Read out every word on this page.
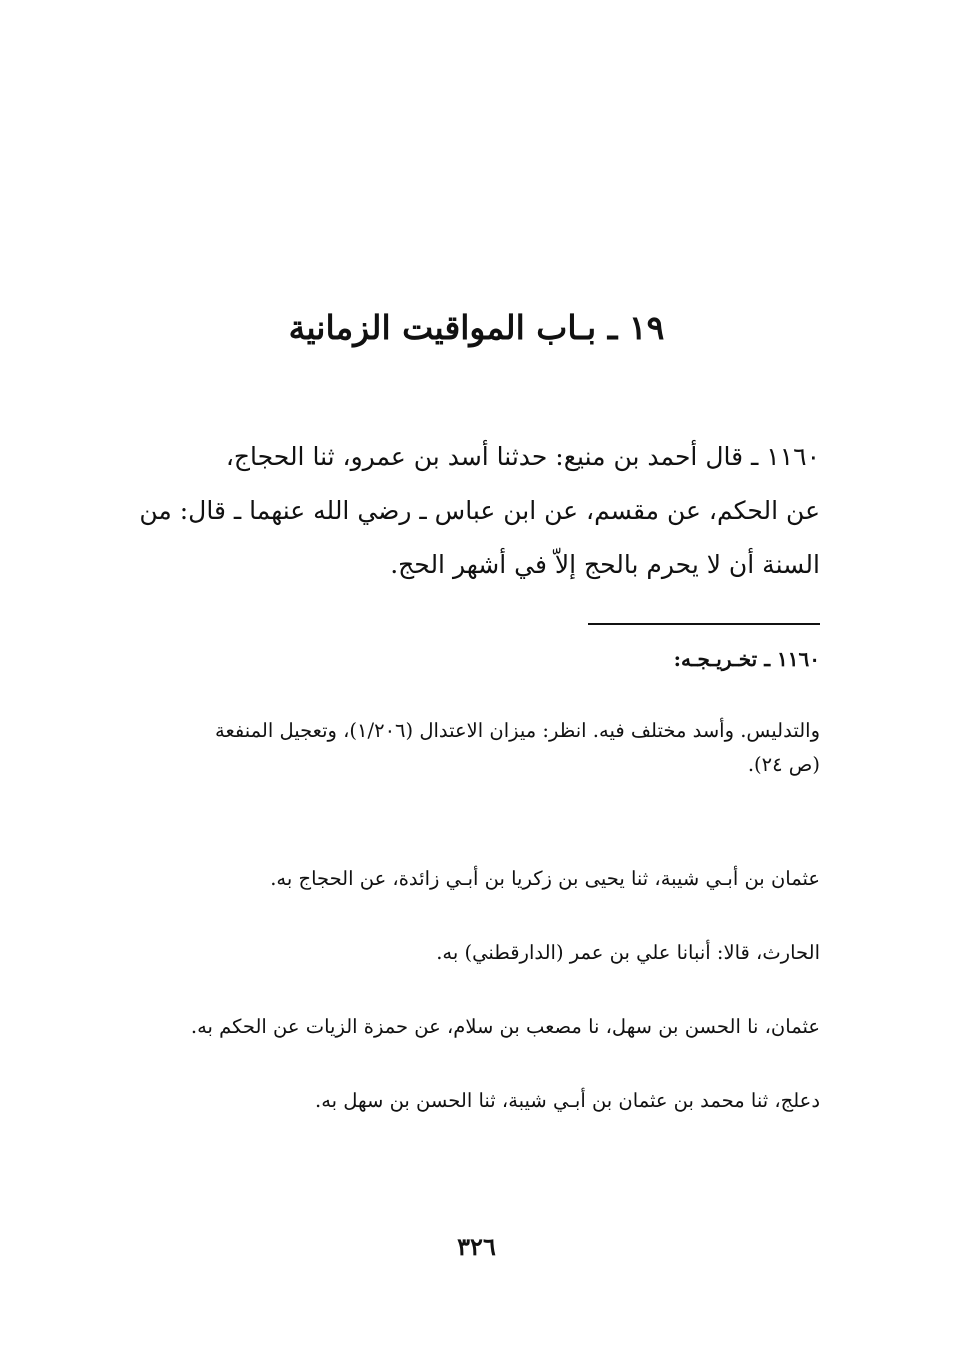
١٩ ـ بـاب المواقيت الزمانية

١١٦٠ ـ قال أحمد بن منيع: حدثنا أسد بن عمرو، ثنا الحجاج،
عن الحكم، عن مقسم، عن ابن عباس ـ رضي الله عنهما ـ قال: من
السنة أن لا يحرم بالحج إلاّ في أشهر الحج.

١١٦٠ ـ تخـريـجـه:

والتدليس. وأسد مختلف فيه. انظر: ميزان الاعتدال (١/٢٠٦)، وتعجيل المنفعة
(ص ٢٤).

عثمان بن أبـي شيبة، ثنا يحيى بن زكريا بن أبـي زائدة، عن الحجاج به.

الحارث، قالا: أنبانا علي بن عمر (الدارقطني) به.

عثمان، نا الحسن بن سهل، نا مصعب بن سلام، عن حمزة الزيات عن الحكم به.

دعلج، ثنا محمد بن عثمان بن أبـي شيبة، ثنا الحسن بن سهل به.

٣٢٦
